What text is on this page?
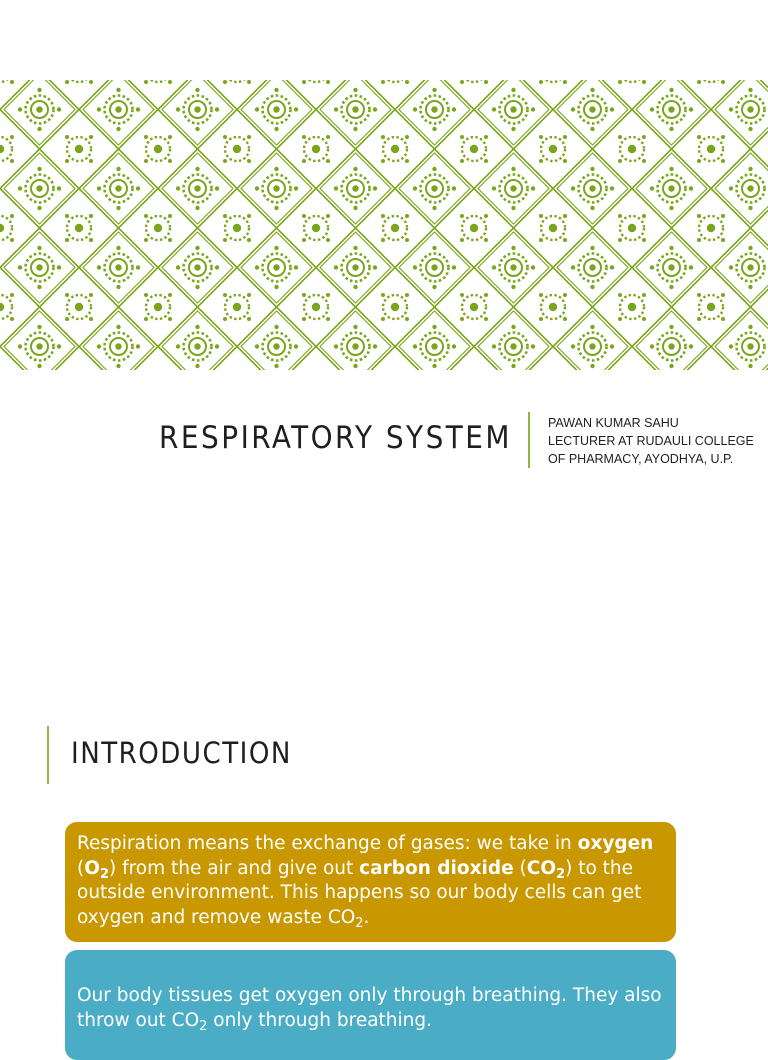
RESPIRATORY SYSTEM	PAWAN KUMAR SAHU
LECTURER AT RUDAULI COLLEGE
OF PHARMACY, AYODHYA, U.P.
INTRODUCTION
Respiration means the exchange of gases: we take in oxygen $(O_2)$ from the air and give out carbon dioxide $(CO_2)$ to the outside environment. This happens so our body cells can get oxygen and remove waste $CO_2$.
Our body tissues get oxygen only through breathing. They also throw out $CO_2$ only through breathing.
